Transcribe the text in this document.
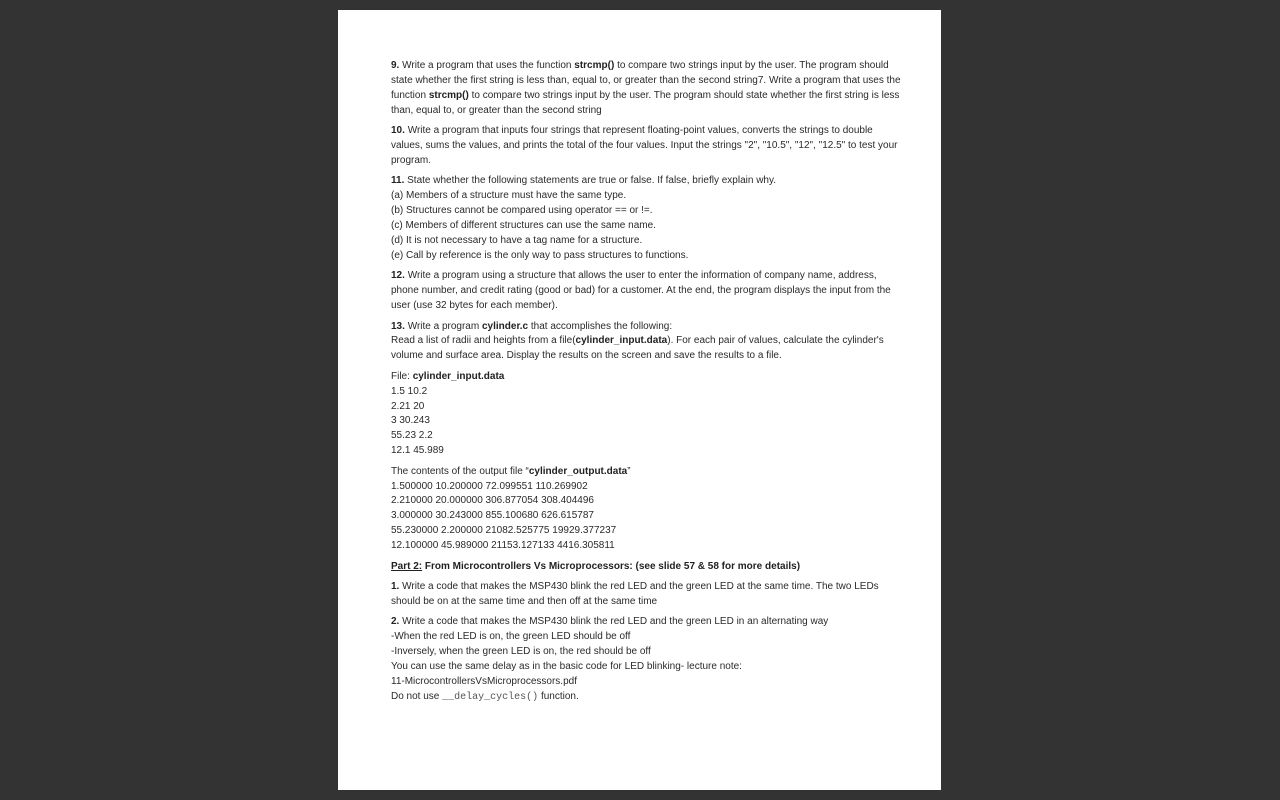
9. Write a program that uses the function strcmp() to compare two strings input by the user. The program should state whether the first string is less than, equal to, or greater than the second string7. Write a program that uses the function strcmp() to compare two strings input by the user. The program should state whether the first string is less than, equal to, or greater than the second string

10. Write a program that inputs four strings that represent floating-point values, converts the strings to double values, sums the values, and prints the total of the four values. Input the strings "2", "10.5", "12", "12.5" to test your program.

11. State whether the following statements are true or false. If false, briefly explain why.

(a) Members of a structure must have the same type.

(b) Structures cannot be compared using operator == or !=.

(c) Members of different structures can use the same name.

(d) It is not necessary to have a tag name for a structure.

(e) Call by reference is the only way to pass structures to functions.

12. Write a program using a structure that allows the user to enter the information of company name, address, phone number, and credit rating (good or bad) for a customer. At the end, the program displays the input from the user (use 32 bytes for each member).

13. Write a program cylinder.c that accomplishes the following:

Read a list of radii and heights from a file(cylinder_input.data). For each pair of values, calculate the cylinder's volume and surface area. Display the results on the screen and save the results to a file.

File: cylinder_input.data

1.5 10.2

2.21 20

3 30.243

55.23 2.2

12.1 45.989

The contents of the output file “cylinder_output.data”

1.500000 10.200000 72.099551 110.269902

2.210000 20.000000 306.877054 308.404496

3.000000 30.243000 855.100680 626.615787

55.230000 2.200000 21082.525775 19929.377237

12.100000 45.989000 21153.127133 4416.305811

Part 2: From Microcontrollers Vs Microprocessors: (see slide 57 & 58 for more details)

1. Write a code that makes the MSP430 blink the red LED and the green LED at the same time. The two LEDs should be on at the same time and then off at the same time

2. Write a code that makes the MSP430 blink the red LED and the green LED in an alternating way

-When the red LED is on, the green LED should be off

-Inversely, when the green LED is on, the red should be off

You can use the same delay as in the basic code for LED blinking- lecture note:

11-MicrocontrollersVsMicroprocessors.pdf

Do not use __delay_cycles() function.
